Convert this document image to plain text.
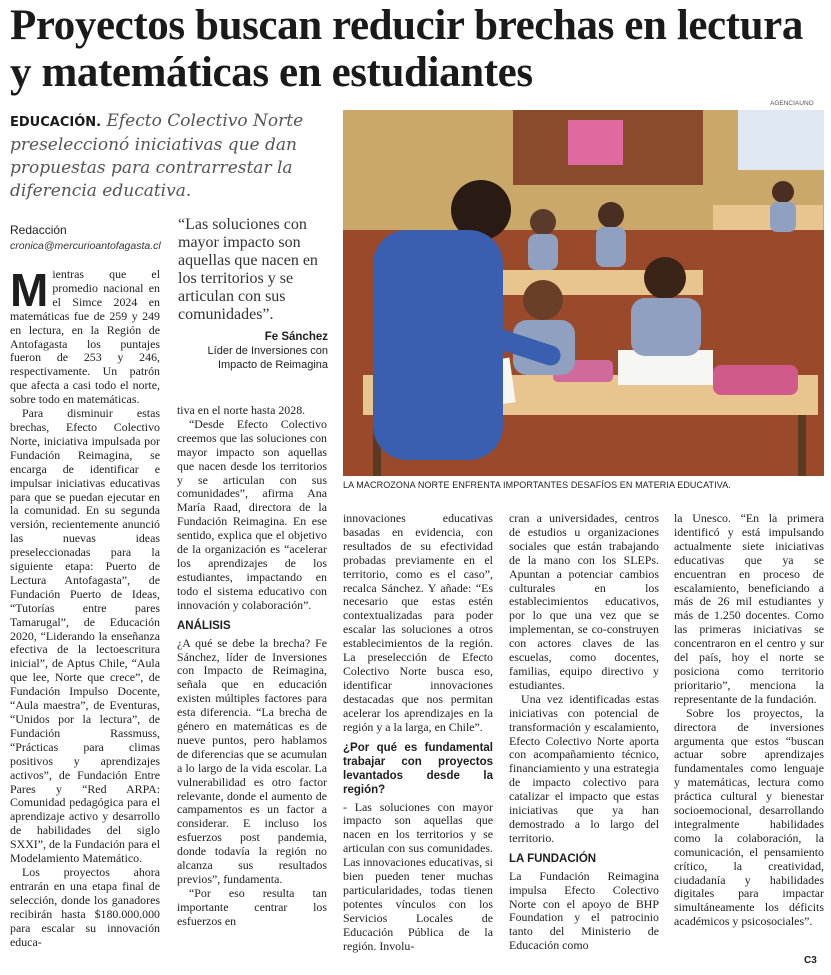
Proyectos buscan reducir brechas en lectura y matemáticas en estudiantes

EDUCACIÓN. Efecto Colectivo Norte preseleccionó iniciativas que dan propuestas para contrarrestar la diferencia educativa.

Redacción
cronica@mercurioantofagasta.cl
“Las soluciones con mayor impacto son aquellas que nacen en los territorios y se articulan con sus comunidades”.
Fe Sánchez
Líder de Inversiones con Impacto de Reimagina
M ientras que el promedio nacional en el Simce 2024 en matemáticas fue de 259 y 249 en lectura, en la Región de Antofagasta los puntajes fueron de 253 y 246, respectivamente. Un patrón que afecta a casi todo el norte, sobre todo en matemáticas.

Para disminuir estas brechas, Efecto Colectivo Norte, iniciativa impulsada por Fundación Reimagina, se encarga de identificar e impulsar iniciativas educativas para que se puedan ejecutar en la comunidad. En su segunda versión, recientemente anunció las nuevas ideas preseleccionadas para la siguiente etapa: Puerto de Lectura Antofagasta”, de Fundación Puerto de Ideas, “Tutorías entre pares Tamarugal”, de Educación 2020, “Liderando la enseñanza efectiva de la lectoescritura inicial”, de Aptus Chile, “Aula que lee, Norte que crece”, de Fundación Impulso Docente, “Aula maestra”, de Eventuras, “Unidos por la lectura”, de Fundación Rassmuss, “Prácticas para climas positivos y aprendizajes activos”, de Fundación Entre Pares y “Red ARPA: Comunidad pedagógica para el aprendizaje activo y desarrollo de habilidades del siglo SXXI”, de la Fundación para el Modelamiento Matemático.

Los proyectos ahora entrarán en una etapa final de selección, donde los ganadores recibirán hasta $180.000.000 para escalar su innovación educa-

tiva en el norte hasta 2028.

“Desde Efecto Colectivo creemos que las soluciones con mayor impacto son aquellas que nacen desde los territorios y se articulan con sus comunidades”, afirma Ana María Raad, directora de la Fundación Reimagina. En ese sentido, explica que el objetivo de la organización es “acelerar los aprendizajes de los estudiantes, impactando en todo el sistema educativo con innovación y colaboración”.

ANÁLISIS

¿A qué se debe la brecha? Fe Sánchez, líder de Inversiones con Impacto de Reimagina, señala que en educación existen múltiples factores para esta diferencia. “La brecha de género en matemáticas es de nueve puntos, pero hablamos de diferencias que se acumulan a lo largo de la vida escolar. La vulnerabilidad es otro factor relevante, donde el aumento de campamentos es un factor a considerar. E incluso los esfuerzos post pandemia, donde todavía la región no alcanza sus resultados previos”, fundamenta.

“Por eso resulta tan importante centrar los esfuerzos en

innovaciones educativas basadas en evidencia, con resultados de su efectividad probadas previamente en el territorio, como es el caso”, recalca Sánchez. Y añade: “Es necesario que estas estén contextualizadas para poder escalar las soluciones a otros establecimientos de la región. La preselección de Efecto Colectivo Norte busca eso, identificar innovaciones destacadas que nos permitan acelerar los aprendizajes en la región y a la larga, en Chile”.

¿Por qué es fundamental trabajar con proyectos levantados desde la región?

- Las soluciones con mayor impacto son aquellas que nacen en los territorios y se articulan con sus comunidades. Las innovaciones educativas, si bien pueden tener muchas particularidades, todas tienen potentes vínculos con los Servicios Locales de Educación Pública de la región. Involu-

cran a universidades, centros de estudios u organizaciones sociales que están trabajando de la mano con los SLEPs. Apuntan a potenciar cambios culturales en los establecimientos educativos, por lo que una vez que se implementan, se co-construyen con actores claves de las escuelas, como docentes, familias, equipo directivo y estudiantes.

Una vez identificadas estas iniciativas con potencial de transformación y escalamiento, Efecto Colectivo Norte aporta con acompañamiento técnico, financiamiento y una estrategia de impacto colectivo para catalizar el impacto que estas iniciativas que ya han demostrado a lo largo del territorio.

LA FUNDACIÓN

La Fundación Reimagina impulsa Efecto Colectivo Norte con el apoyo de BHP Foundation y el patrocinio tanto del Ministerio de Educación como

la Unesco. “En la primera identificó y está impulsando actualmente siete iniciativas educativas que ya se encuentran en proceso de escalamiento, beneficiando a más de 26 mil estudiantes y más de 1.250 docentes. Como las primeras iniciativas se concentraron en el centro y sur del país, hoy el norte se posiciona como territorio prioritario”, menciona la representante de la fundación.

Sobre los proyectos, la directora de inversiones argumenta que estos “buscan actuar sobre aprendizajes fundamentales como lenguaje y matemáticas, lectura como práctica cultural y bienestar socioemocional, desarrollando integralmente habilidades como la colaboración, la comunicación, el pensamiento crítico, la creatividad, ciudadanía y habilidades digitales para impactar simultáneamente los déficits académicos y psicosociales”.

AGENCIAUNO
LA MACROZONA NORTE ENFRENTA IMPORTANTES DESAFÍOS EN MATERIA EDUCATIVA.
C3
